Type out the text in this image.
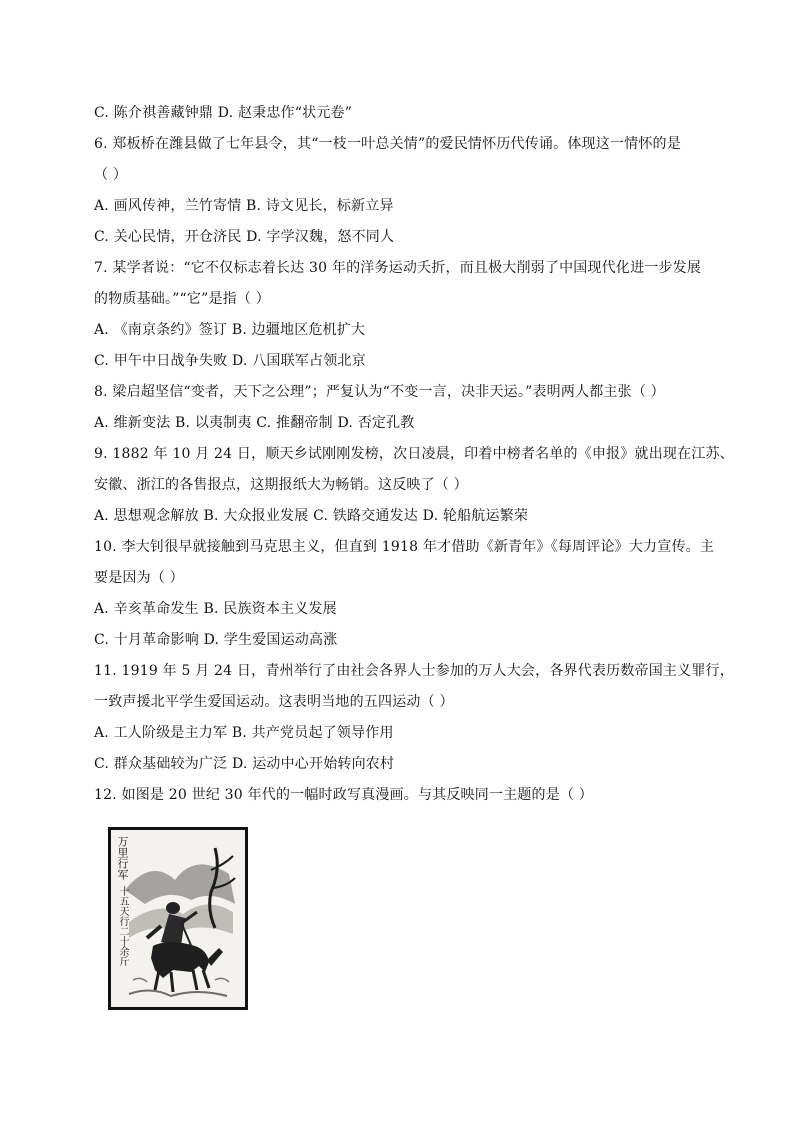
C. 陈介祺善藏钟鼎 D. 赵秉忠作“状元卷”
6. 郑板桥在潍县做了七年县令，其“一枝一叶总关情”的爱民情怀历代传诵。体现这一情怀的是
（ ）
A. 画风传神，兰竹寄情 B. 诗文见长，标新立异
C. 关心民情，开仓济民 D. 字学汉魏，怒不同人
7. 某学者说：“它不仅标志着长达 30 年的洋务运动夭折，而且极大削弱了中国现代化进一步发展
的物质基础。”“它”是指（ ）
A. 《南京条约》签订 B. 边疆地区危机扩大
C. 甲午中日战争失败 D. 八国联军占领北京
8. 梁启超坚信“变者，天下之公理”；严复认为“不变一言，决非天运。”表明两人都主张（ ）
A. 维新变法 B. 以夷制夷 C. 推翻帝制 D. 否定孔教
9. 1882 年 10 月 24 日，顺天乡试刚刚发榜，次日凌晨，印着中榜者名单的《申报》就出现在江苏、
安徽、浙江的各售报点，这期报纸大为畅销。这反映了（ ）
A. 思想观念解放 B. 大众报业发展 C. 铁路交通发达 D. 轮船航运繁荣
10. 李大钊很早就接触到马克思主义，但直到 1918 年才借助《新青年》《每周评论》大力宣传。主
要是因为（ ）
A. 辛亥革命发生 B. 民族资本主义发展
C. 十月革命影响 D. 学生爱国运动高涨
11. 1919 年 5 月 24 日，青州举行了由社会各界人士参加的万人大会，各界代表历数帝国主义罪行，
一致声援北平学生爱国运动。这表明当地的五四运动（ ）
A. 工人阶级是主力军 B. 共产党员起了领导作用
C. 群众基础较为广泛 D. 运动中心开始转向农村
12. 如图是 20 世纪 30 年代的一幅时政写真漫画。与其反映同一主题的是（ ）
万里行军
十五天行二十余斤
